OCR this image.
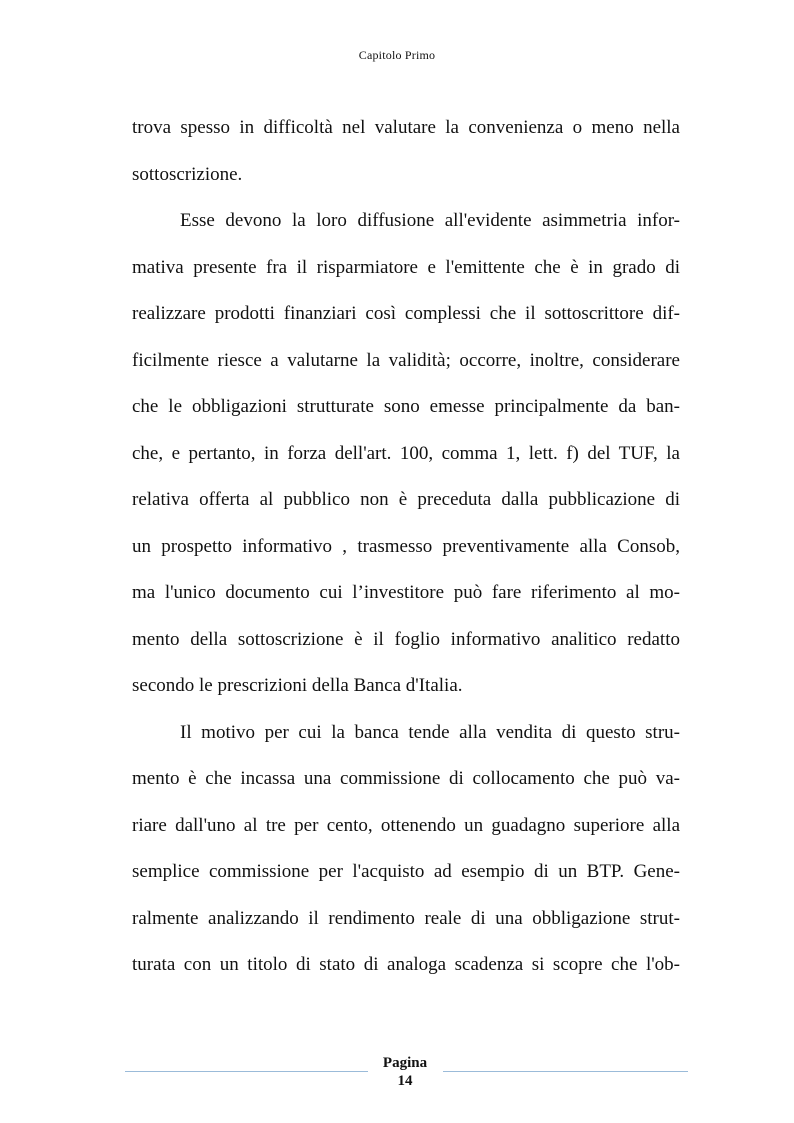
Capitolo Primo
trova spesso in difficoltà nel valutare la convenienza o meno nella
sottoscrizione.
Esse devono la loro diffusione all'evidente asimmetria infor-
mativa presente fra il risparmiatore e l'emittente che è in grado di
realizzare prodotti finanziari così complessi che il sottoscrittore dif-
ficilmente riesce a valutarne la validità; occorre, inoltre, considerare
che le obbligazioni strutturate sono emesse principalmente da ban-
che, e pertanto, in forza dell'art. 100, comma 1, lett. f) del TUF, la
relativa offerta al pubblico non è preceduta dalla pubblicazione di
un prospetto informativo , trasmesso preventivamente alla Consob,
ma l'unico documento cui l’investitore può fare riferimento al mo-
mento della sottoscrizione è il foglio informativo analitico redatto
secondo le prescrizioni della Banca d'Italia.
Il motivo per cui la banca tende alla vendita di questo stru-
mento è che incassa una commissione di collocamento che può va-
riare dall'uno al tre per cento, ottenendo un guadagno superiore alla
semplice commissione per l'acquisto ad esempio di un BTP. Gene-
ralmente analizzando il rendimento reale di una obbligazione strut-
turata con un titolo di stato di analoga scadenza si scopre che l'ob-
Pagina
14
